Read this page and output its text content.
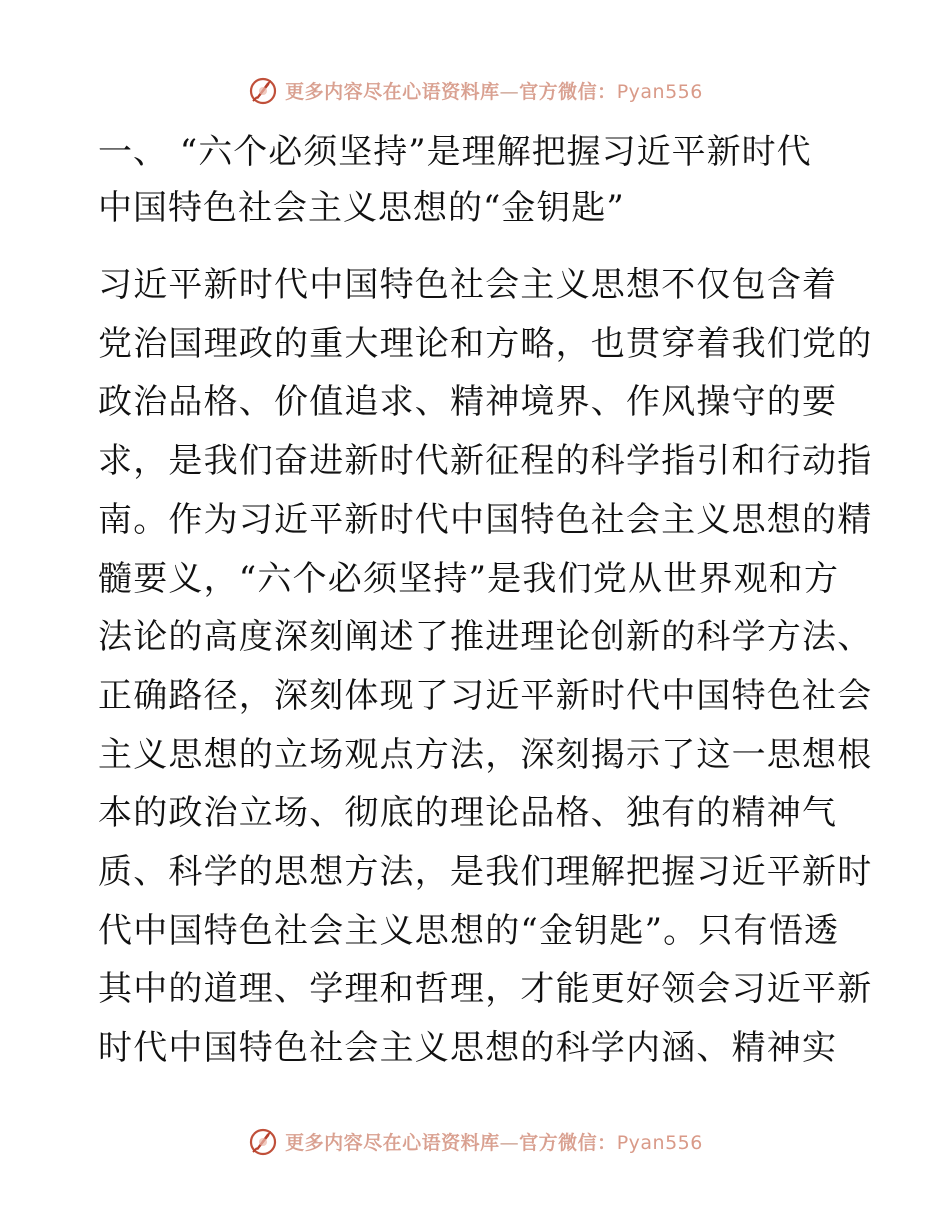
更多内容尽在心语资料库—官方微信：Pyan556
一、 “六个必须坚持”是理解把握习近平新时代
中国特色社会主义思想的“金钥匙”

习近平新时代中国特色社会主义思想不仅包含着
党治国理政的重大理论和方略，也贯穿着我们党的
政治品格、价值追求、精神境界、作风操守的要
求，是我们奋进新时代新征程的科学指引和行动指
南。作为习近平新时代中国特色社会主义思想的精
髓要义，“六个必须坚持”是我们党从世界观和方
法论的高度深刻阐述了推进理论创新的科学方法、
正确路径，深刻体现了习近平新时代中国特色社会
主义思想的立场观点方法，深刻揭示了这一思想根
本的政治立场、彻底的理论品格、独有的精神气
质、科学的思想方法，是我们理解把握习近平新时
代中国特色社会主义思想的“金钥匙”。只有悟透
其中的道理、学理和哲理，才能更好领会习近平新
时代中国特色社会主义思想的科学内涵、精神实

更多内容尽在心语资料库—官方微信：Pyan556
